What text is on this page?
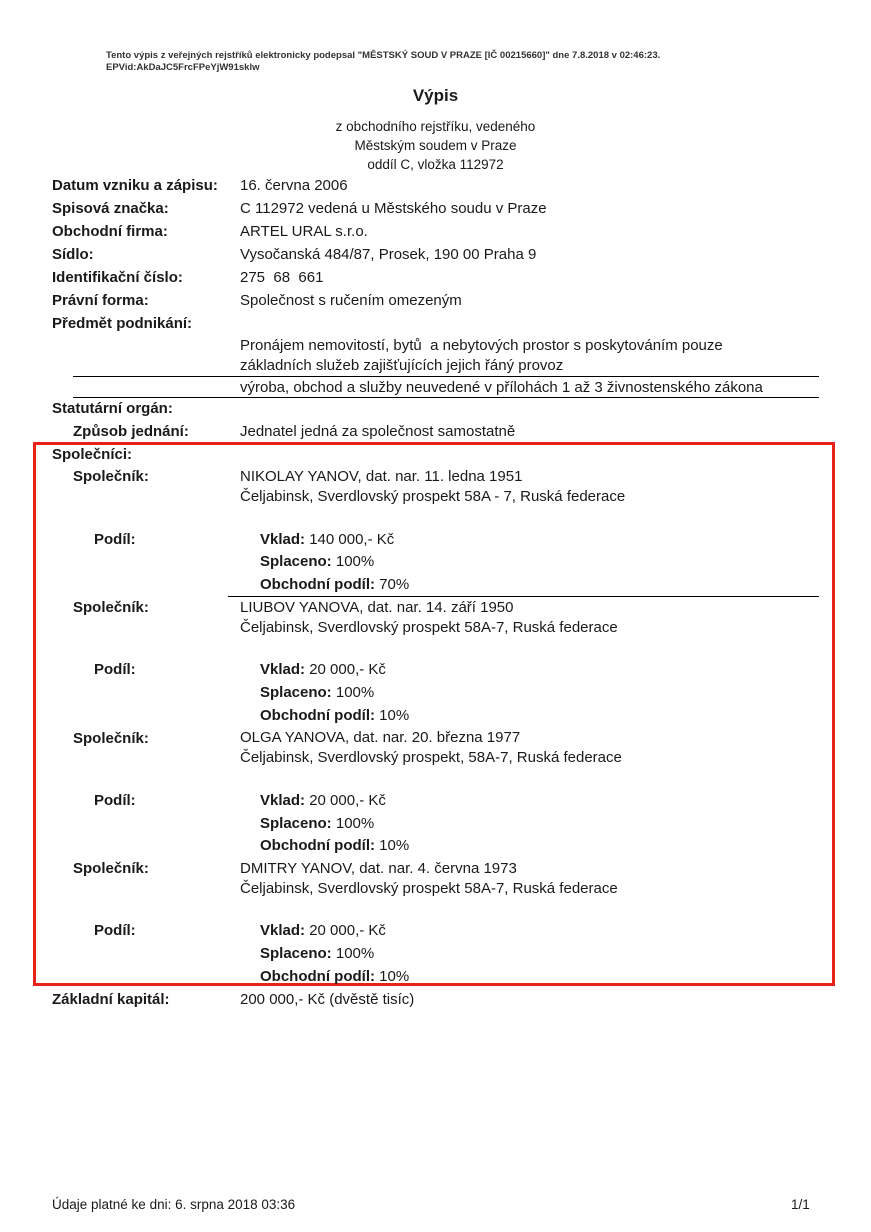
Tento výpis z veřejných rejstříků elektronicky podepsal "MĚSTSKÝ SOUD V PRAZE [IČ 00215660]" dne 7.8.2018 v 02:46:23.
EPVid:AkDaJC5FrcFPeYjW91sklw
Výpis
z obchodního rejstříku, vedeného
Městským soudem v Praze
oddíl C, vložka 112972
Datum vzniku a zápisu: 16. června 2006
Spisová značka:	C 112972 vedená u Městského soudu v Praze
Obchodní firma:	ARTEL URAL s.r.o.
Sídlo:	Vysočanská 484/87, Prosek, 190 00 Praha 9
Identifikační číslo:	275  68  661
Právní forma:	Společnost s ručením omezeným
Předmět podnikání:
Pronájem nemovitostí, bytů  a nebytových prostor s poskytováním pouze
základních služeb zajišťujících jejich řáný provoz
výroba, obchod a služby neuvedené v přílohách 1 až 3 živnostenského zákona
Statutární orgán:
Způsob jednání:	Jednatel jedná za společnost samostatně
Společníci:
Společník:	NIKOLAY YANOV, dat. nar. 11. ledna 1951
Čeljabinsk, Sverdlovský prospekt 58A - 7, Ruská federace
Podíl:	Vklad: 140 000,- Kč
Splaceno: 100%
Obchodní podíl: 70%
Společník:	LIUBOV YANOVA, dat. nar. 14. září 1950
Čeljabinsk, Sverdlovský prospekt 58A-7, Ruská federace
Podíl:	Vklad: 20 000,- Kč
Splaceno: 100%
Obchodní podíl: 10%
Společník:	OLGA YANOVA, dat. nar. 20. března 1977
Čeljabinsk, Sverdlovský prospekt, 58A-7, Ruská federace
Podíl:	Vklad: 20 000,- Kč
Splaceno: 100%
Obchodní podíl: 10%
Společník:	DMITRY YANOV, dat. nar. 4. června 1973
Čeljabinsk, Sverdlovský prospekt 58A-7, Ruská federace
Podíl:	Vklad: 20 000,- Kč
Splaceno: 100%
Obchodní podíl: 10%
Základní kapitál:	200 000,- Kč (dvěstě tisíc)
Údaje platné ke dni: 6. srpna 2018 03:36	1/1
